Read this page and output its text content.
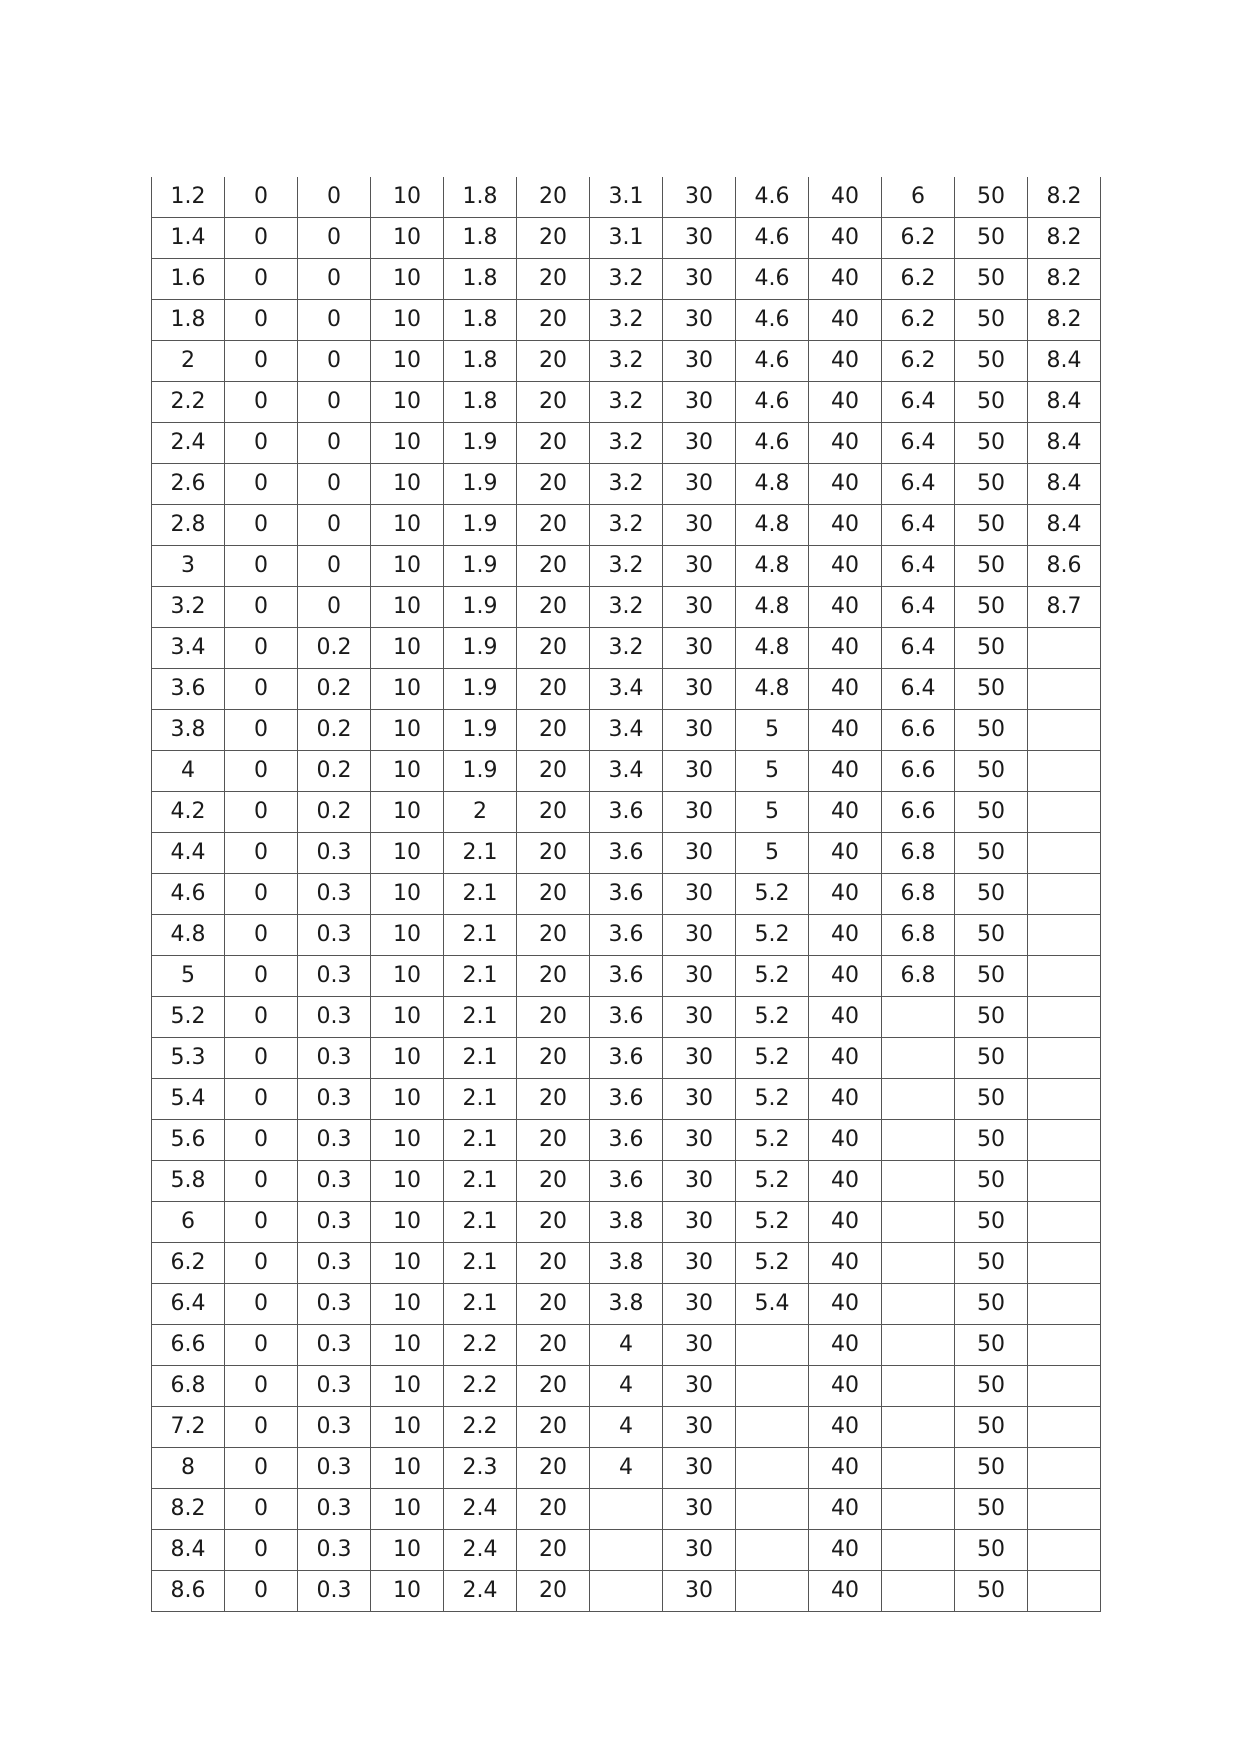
1.2	0	0	10	1.8	20	3.1	30	4.6	40	6	50	8.2
1.4	0	0	10	1.8	20	3.1	30	4.6	40	6.2	50	8.2
1.6	0	0	10	1.8	20	3.2	30	4.6	40	6.2	50	8.2
1.8	0	0	10	1.8	20	3.2	30	4.6	40	6.2	50	8.2
2	0	0	10	1.8	20	3.2	30	4.6	40	6.2	50	8.4
2.2	0	0	10	1.8	20	3.2	30	4.6	40	6.4	50	8.4
2.4	0	0	10	1.9	20	3.2	30	4.6	40	6.4	50	8.4
2.6	0	0	10	1.9	20	3.2	30	4.8	40	6.4	50	8.4
2.8	0	0	10	1.9	20	3.2	30	4.8	40	6.4	50	8.4
3	0	0	10	1.9	20	3.2	30	4.8	40	6.4	50	8.6
3.2	0	0	10	1.9	20	3.2	30	4.8	40	6.4	50	8.7
3.4	0	0.2	10	1.9	20	3.2	30	4.8	40	6.4	50	
3.6	0	0.2	10	1.9	20	3.4	30	4.8	40	6.4	50	
3.8	0	0.2	10	1.9	20	3.4	30	5	40	6.6	50	
4	0	0.2	10	1.9	20	3.4	30	5	40	6.6	50	
4.2	0	0.2	10	2	20	3.6	30	5	40	6.6	50	
4.4	0	0.3	10	2.1	20	3.6	30	5	40	6.8	50	
4.6	0	0.3	10	2.1	20	3.6	30	5.2	40	6.8	50	
4.8	0	0.3	10	2.1	20	3.6	30	5.2	40	6.8	50	
5	0	0.3	10	2.1	20	3.6	30	5.2	40	6.8	50	
5.2	0	0.3	10	2.1	20	3.6	30	5.2	40		50	
5.3	0	0.3	10	2.1	20	3.6	30	5.2	40		50	
5.4	0	0.3	10	2.1	20	3.6	30	5.2	40		50	
5.6	0	0.3	10	2.1	20	3.6	30	5.2	40		50	
5.8	0	0.3	10	2.1	20	3.6	30	5.2	40		50	
6	0	0.3	10	2.1	20	3.8	30	5.2	40		50	
6.2	0	0.3	10	2.1	20	3.8	30	5.2	40		50	
6.4	0	0.3	10	2.1	20	3.8	30	5.4	40		50	
6.6	0	0.3	10	2.2	20	4	30		40		50	
6.8	0	0.3	10	2.2	20	4	30		40		50	
7.2	0	0.3	10	2.2	20	4	30		40		50	
8	0	0.3	10	2.3	20	4	30		40		50	
8.2	0	0.3	10	2.4	20		30		40		50	
8.4	0	0.3	10	2.4	20		30		40		50	
8.6	0	0.3	10	2.4	20		30		40		50	
